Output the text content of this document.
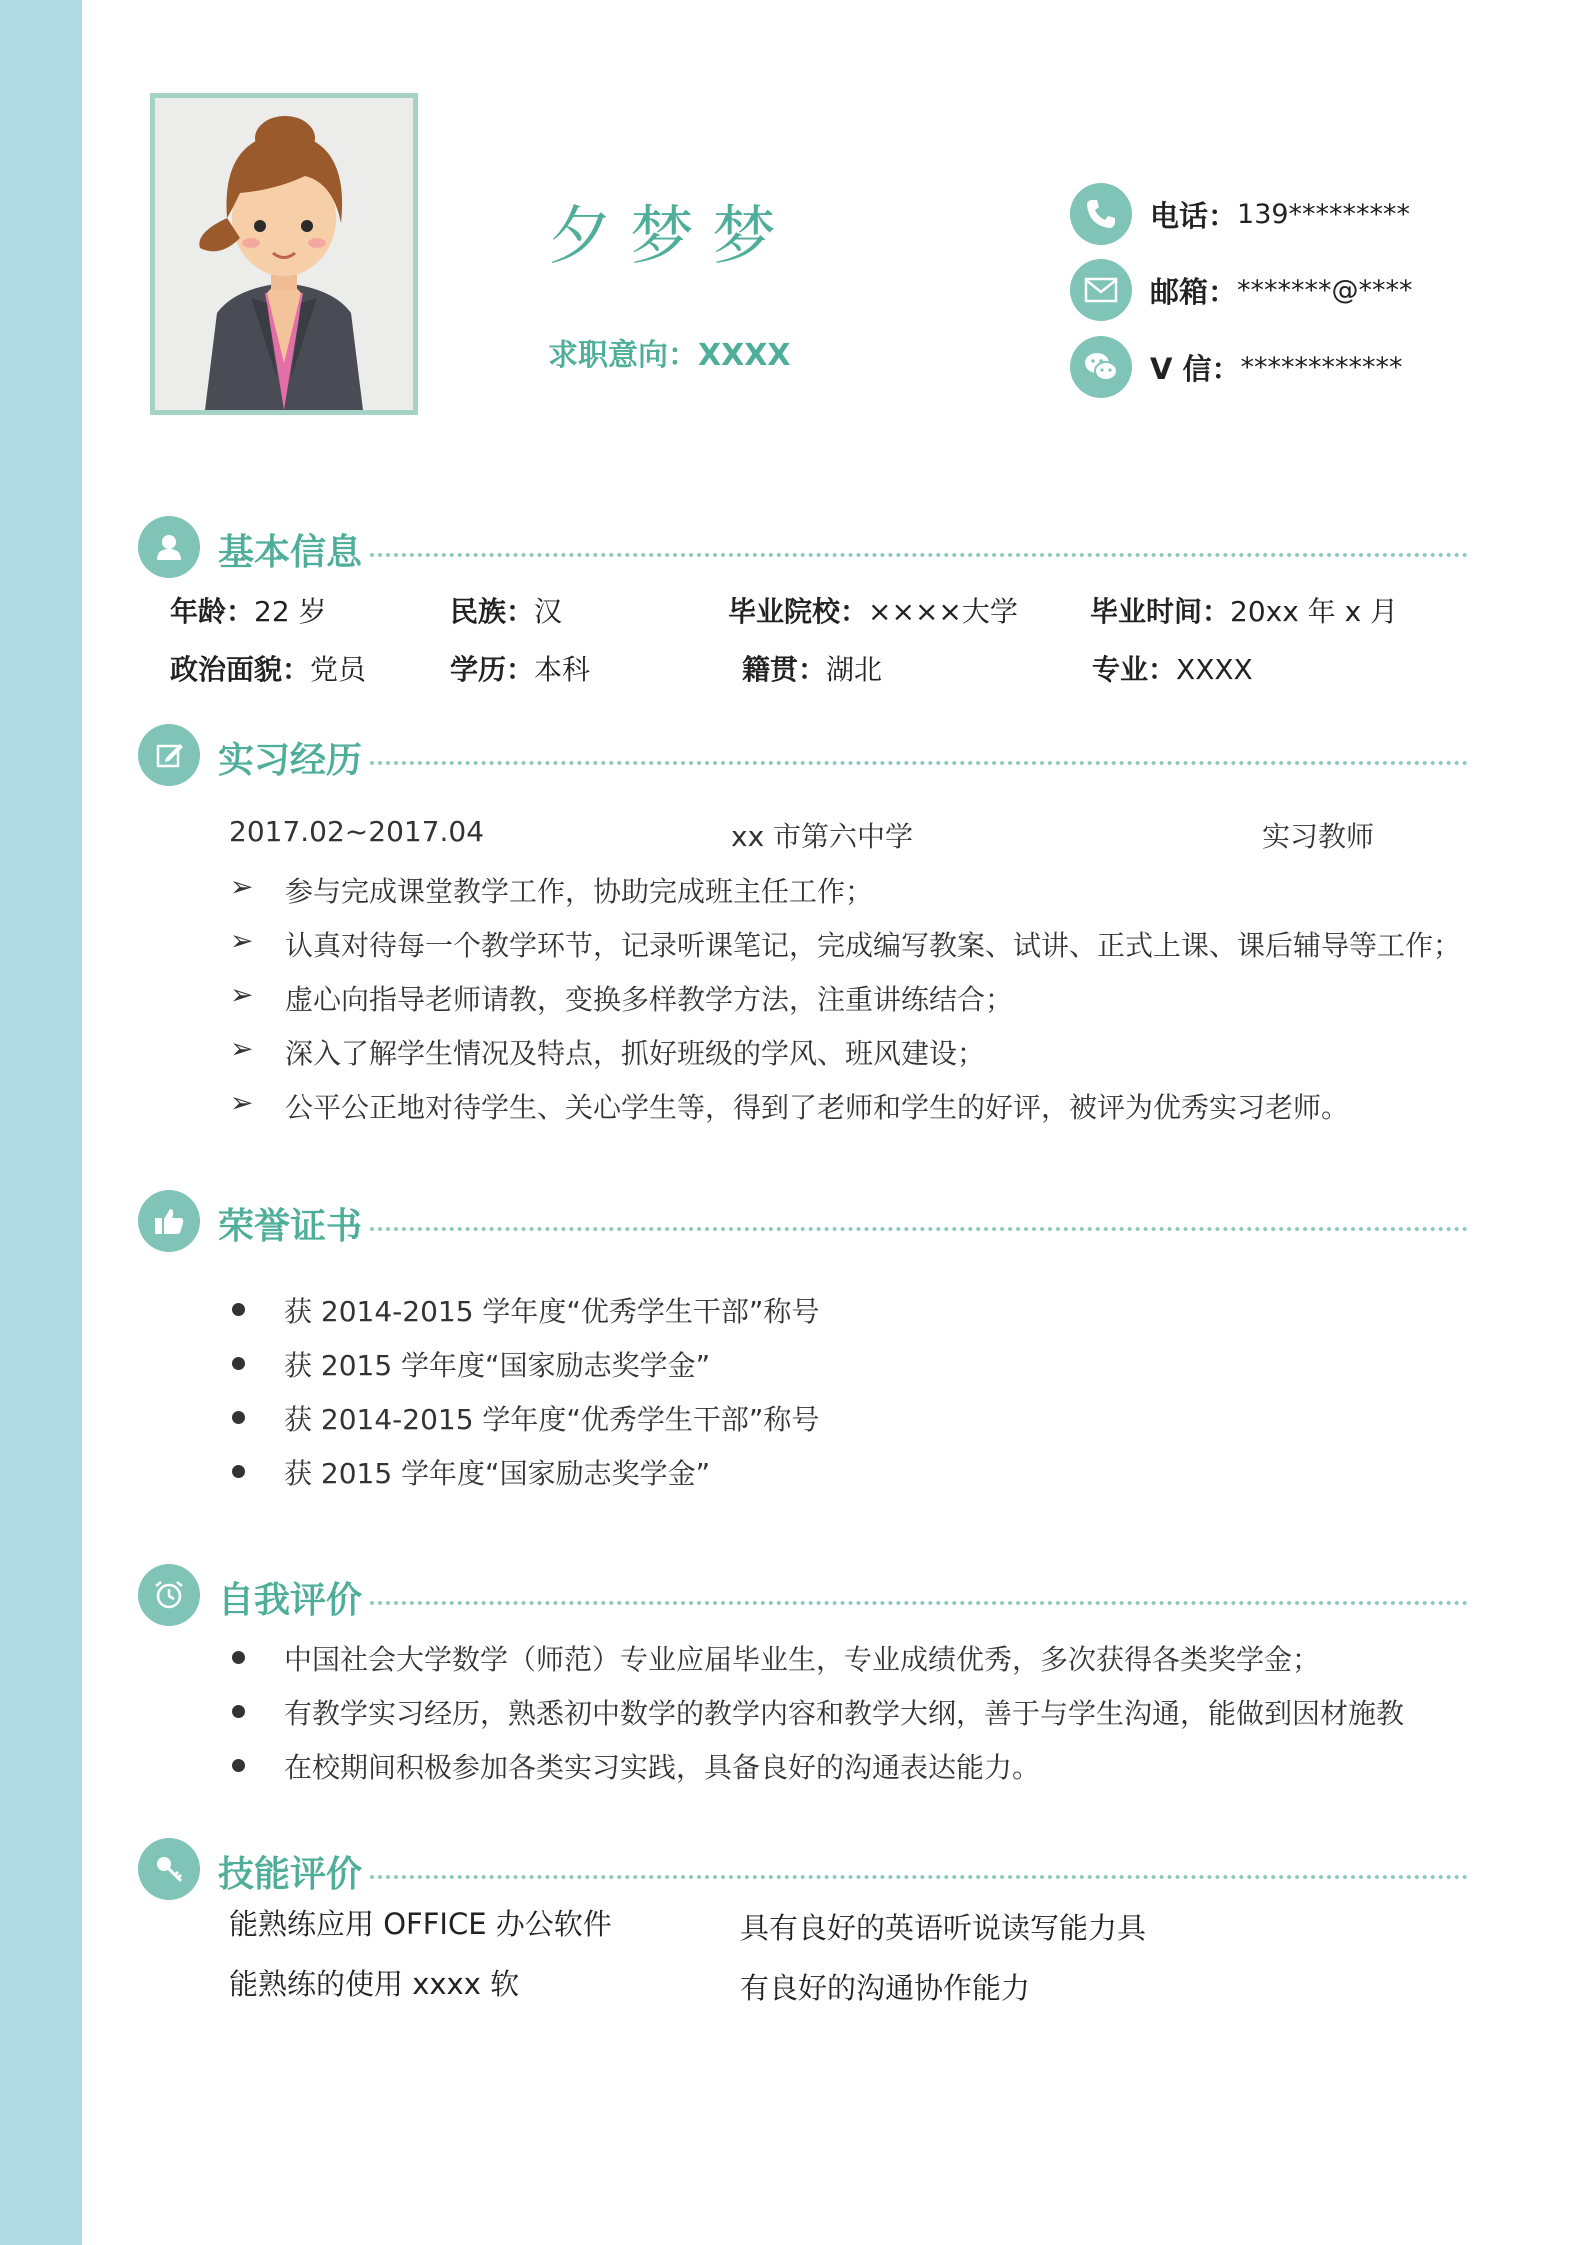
夕梦梦
求职意向：XXXX
电话： 139*********
邮箱： *******@****
V 信： ************
基本信息
年龄：22 岁	民族：汉	毕业院校：××××大学	毕业时间：20xx 年 x 月
政治面貌：党员	学历：本科	籍贯：湖北	专业：XXXX
实习经历
2017.02~2017.04	xx 市第六中学	实习教师
➢ 参与完成课堂教学工作，协助完成班主任工作；
➢ 认真对待每一个教学环节，记录听课笔记，完成编写教案、试讲、正式上课、课后辅导等工作；
➢ 虚心向指导老师请教，变换多样教学方法，注重讲练结合；
➢ 深入了解学生情况及特点，抓好班级的学风、班风建设；
➢ 公平公正地对待学生、关心学生等，得到了老师和学生的好评，被评为优秀实习老师。
荣誉证书
获 2014-2015 学年度“优秀学生干部”称号
获 2015 学年度“国家励志奖学金”
获 2014-2015 学年度“优秀学生干部”称号
获 2015 学年度“国家励志奖学金”
自我评价
中国社会大学数学（师范）专业应届毕业生，专业成绩优秀，多次获得各类奖学金；
有教学实习经历，熟悉初中数学的教学内容和教学大纲，善于与学生沟通，能做到因材施教
在校期间积极参加各类实习实践，具备良好的沟通表达能力。
技能评价
能熟练应用 OFFICE 办公软件	具有良好的英语听说读写能力具
能熟练的使用 xxxx 软	有良好的沟通协作能力
